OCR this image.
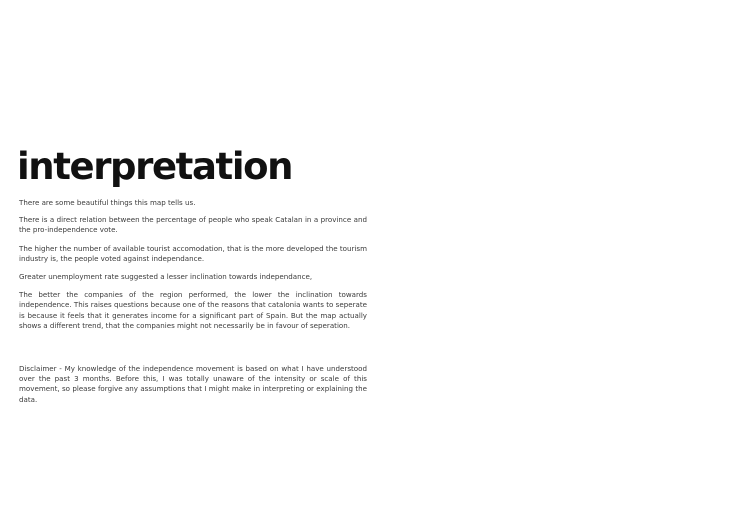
interpretation

There are some beautiful things this map tells us.

There is a direct relation between the percentage of people who speak Catalan in a province and the pro-independence vote.

The higher the number of available tourist accomodation, that is the more developed the tourism industry is, the people voted against independance.

Greater unemployment rate suggested a lesser inclination towards independance,

The better the companies of the region performed, the lower the inclination towards independence. This raises questions because one of the reasons that catalonia wants to seperate is because it feels that it generates income for a significant part of Spain. But the map actually shows a different trend, that the companies might not necessarily be in favour of seperation.

Disclaimer - My knowledge of the independence movement is based on what I have understood over the past 3 months. Before this, I was totally unaware of the intensity or scale of this movement, so please forgive any assumptions that I might make in interpreting or explaining the data.
